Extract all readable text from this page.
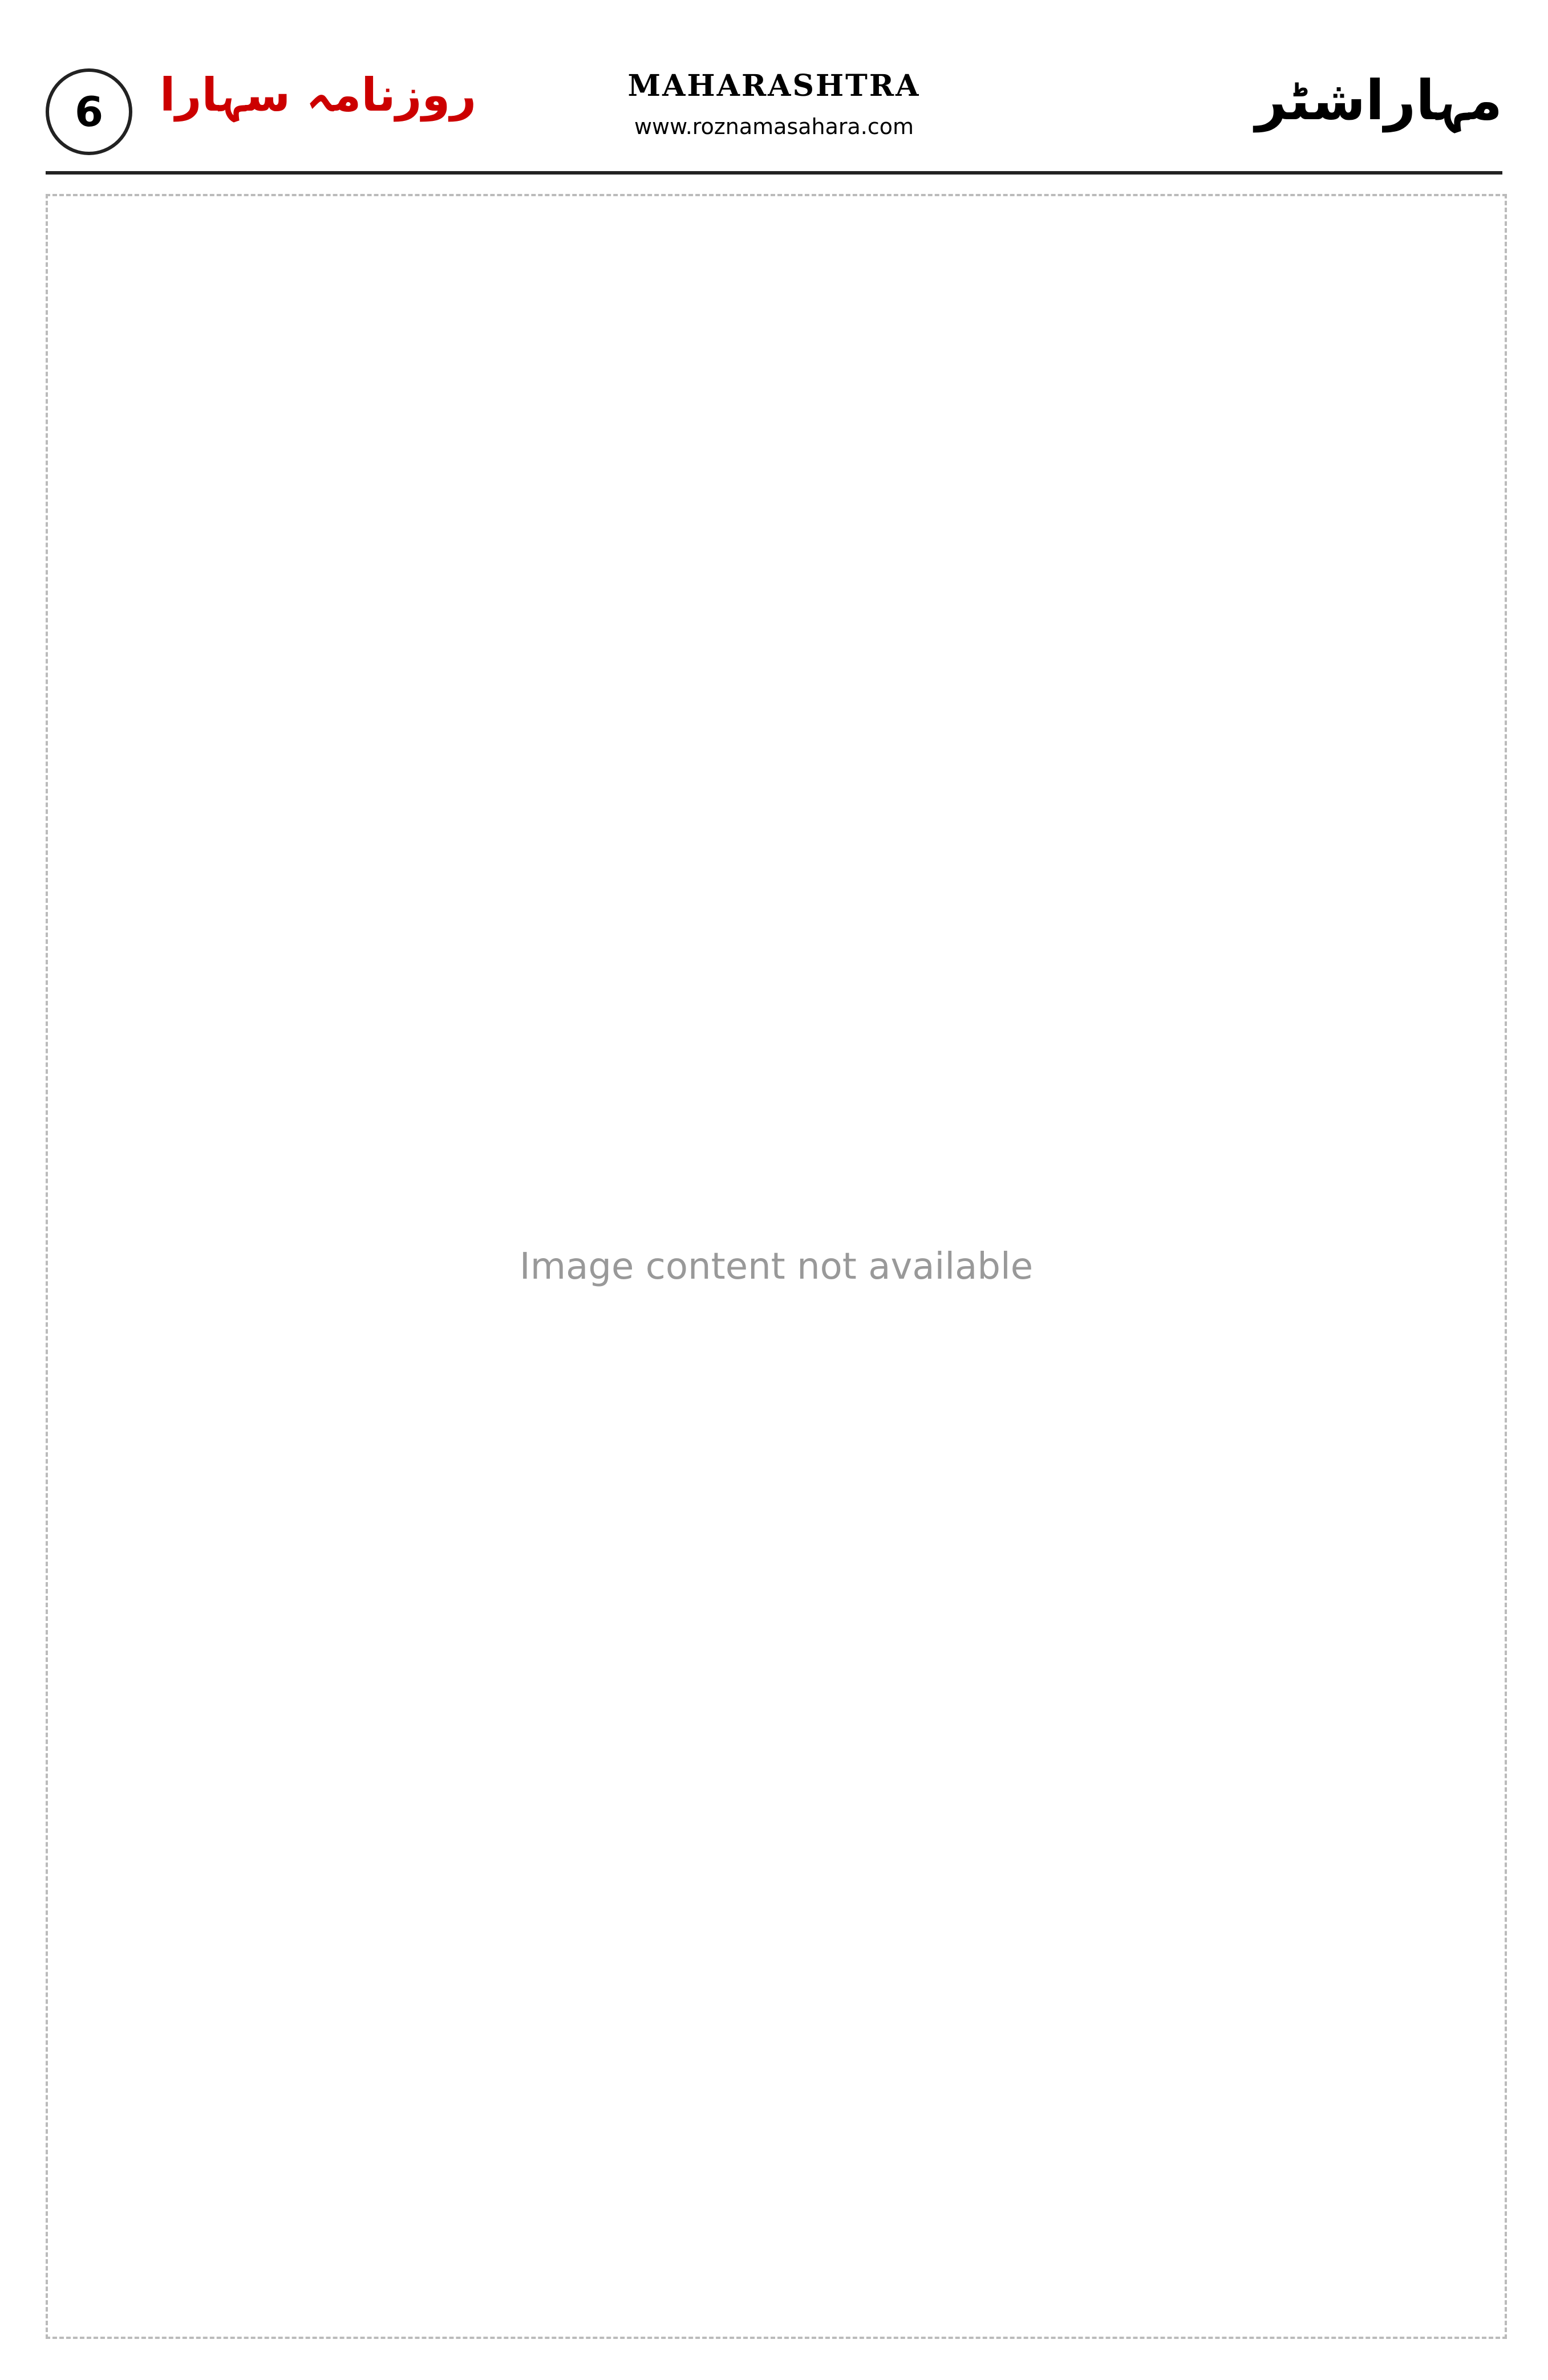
6	روزنامہ سہارا	MAHARASHTRA
www.roznamasahara.com	مہاراشٹر
Image content not available
